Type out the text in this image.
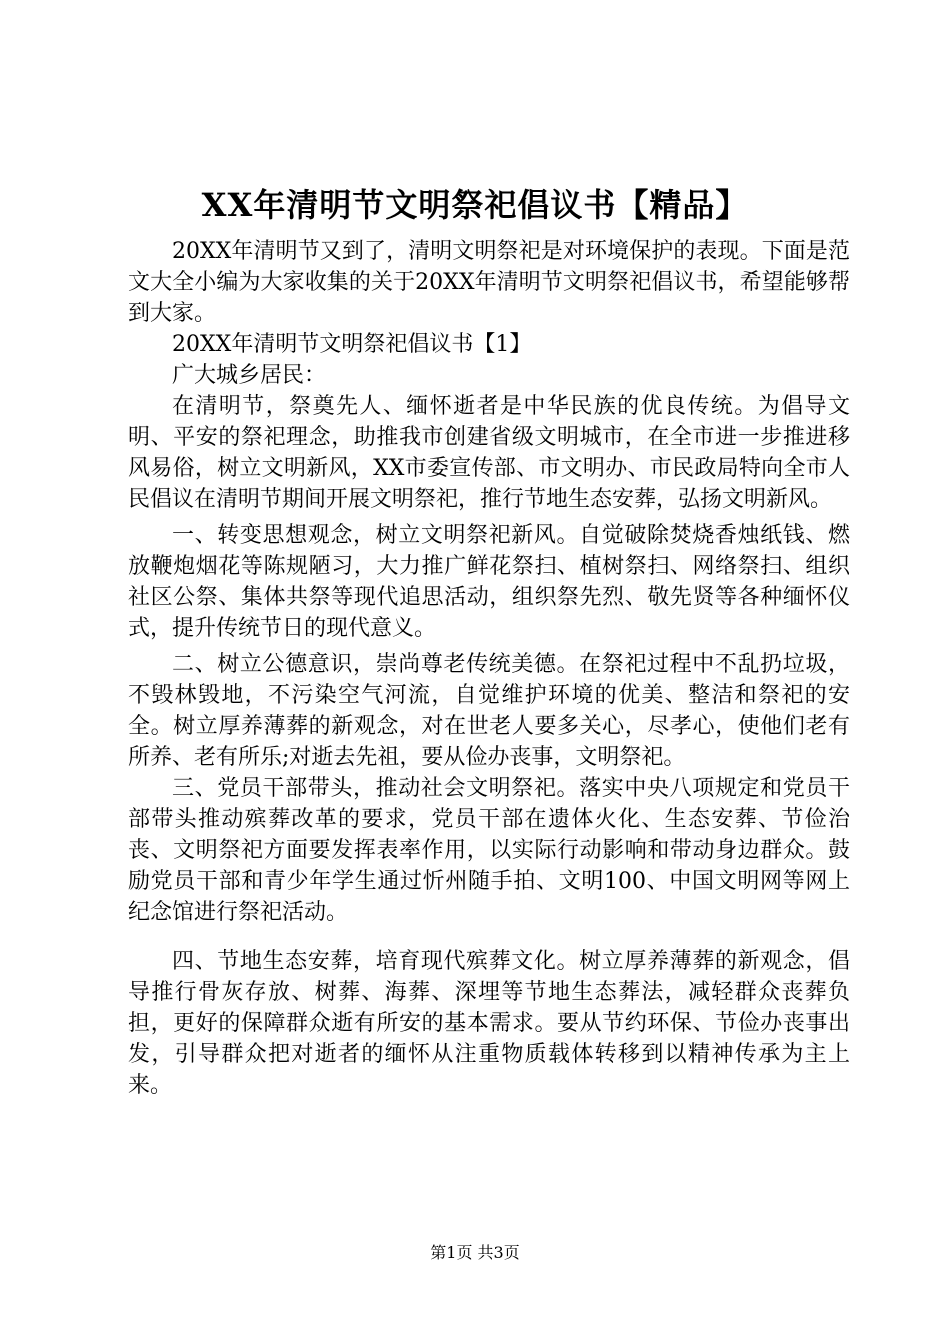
XX年清明节文明祭祀倡议书【精品】

20XX年清明节又到了，清明文明祭祀是对环境保护的表现。下面是范文大全小编为大家收集的关于20XX年清明节文明祭祀倡议书，希望能够帮到大家。

20XX年清明节文明祭祀倡议书【1】

广大城乡居民：

在清明节，祭奠先人、缅怀逝者是中华民族的优良传统。为倡导文明、平安的祭祀理念，助推我市创建省级文明城市，在全市进一步推进移风易俗，树立文明新风，XX市委宣传部、市文明办、市民政局特向全市人民倡议在清明节期间开展文明祭祀，推行节地生态安葬，弘扬文明新风。

一、转变思想观念，树立文明祭祀新风。自觉破除焚烧香烛纸钱、燃放鞭炮烟花等陈规陋习，大力推广鲜花祭扫、植树祭扫、网络祭扫、组织社区公祭、集体共祭等现代追思活动，组织祭先烈、敬先贤等各种缅怀仪式，提升传统节日的现代意义。

二、树立公德意识，崇尚尊老传统美德。在祭祀过程中不乱扔垃圾，不毁林毁地，不污染空气河流，自觉维护环境的优美、整洁和祭祀的安全。树立厚养薄葬的新观念，对在世老人要多关心，尽孝心，使他们老有所养、老有所乐;对逝去先祖，要从俭办丧事，文明祭祀。

三、党员干部带头，推动社会文明祭祀。落实中央八项规定和党员干部带头推动殡葬改革的要求，党员干部在遗体火化、生态安葬、节俭治丧、文明祭祀方面要发挥表率作用，以实际行动影响和带动身边群众。鼓励党员干部和青少年学生通过忻州随手拍、文明100、中国文明网等网上纪念馆进行祭祀活动。

四、节地生态安葬，培育现代殡葬文化。树立厚养薄葬的新观念，倡导推行骨灰存放、树葬、海葬、深埋等节地生态葬法，减轻群众丧葬负担，更好的保障群众逝有所安的基本需求。要从节约环保、节俭办丧事出发，引导群众把对逝者的缅怀从注重物质载体转移到以精神传承为主上来。

第1页 共3页
